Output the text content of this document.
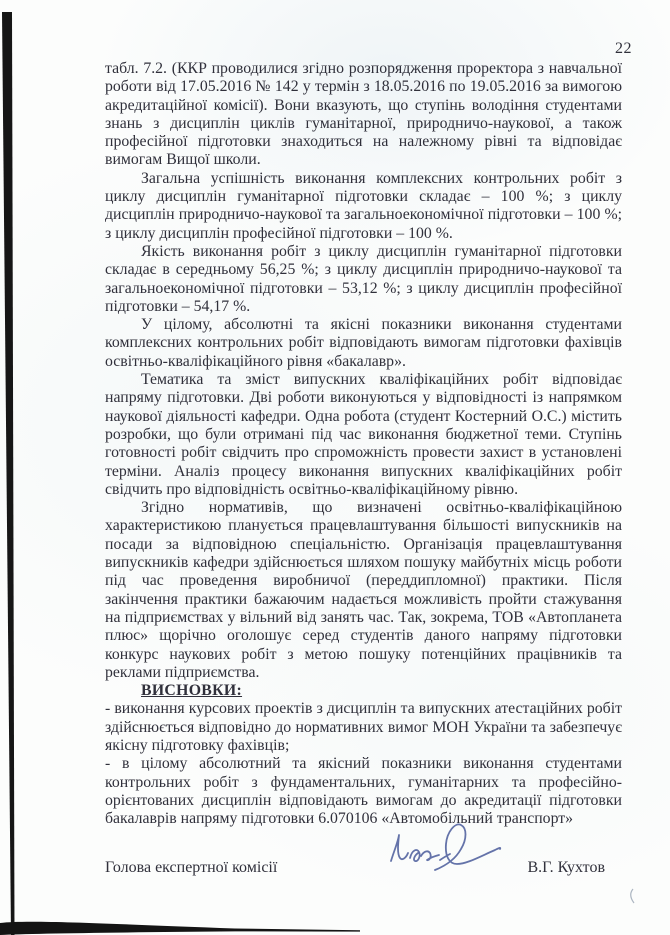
22

табл. 7.2. (ККР проводилися згідно розпорядження проректора з навчальної роботи від 17.05.2016 № 142 у термін з 18.05.2016 по 19.05.2016 за вимогою акредитаційної комісії). Вони вказують, що ступінь володіння студентами знань з дисциплін циклів гуманітарної, природничо-наукової, а також професійної підготовки знаходиться на належному рівні та відповідає вимогам Вищої школи.

Загальна успішність виконання комплексних контрольних робіт з циклу дисциплін гуманітарної підготовки складає – 100 %; з циклу дисциплін природничо-наукової та загальноекономічної підготовки – 100 %; з циклу дисциплін професійної підготовки – 100 %.

Якість виконання робіт з циклу дисциплін гуманітарної підготовки складає в середньому 56,25 %; з циклу дисциплін природничо-наукової та загальноекономічної підготовки – 53,12 %; з циклу дисциплін професійної підготовки – 54,17 %.

У цілому, абсолютні та якісні показники виконання студентами комплексних контрольних робіт відповідають вимогам підготовки фахівців освітньо-кваліфікаційного рівня «бакалавр».

Тематика та зміст випускних кваліфікаційних робіт відповідає напряму підготовки. Дві роботи виконуються у відповідності із напрямком наукової діяльності кафедри. Одна робота (студент Костерний О.С.) містить розробки, що були отримані під час виконання бюджетної теми. Ступінь готовності робіт свідчить про спроможність провести захист в установлені терміни. Аналіз процесу виконання випускних кваліфікаційних робіт свідчить про відповідність освітньо-кваліфікаційному рівню.

Згідно нормативів, що визначені освітньо-кваліфікаційною характеристикою планується працевлаштування більшості випускників на посади за відповідною спеціальністю. Організація працевлаштування випускників кафедри здійснюється шляхом пошуку майбутніх місць роботи під час проведення виробничої (переддипломної) практики. Після закінчення практики бажаючим надається можливість пройти стажування на підприємствах у вільний від занять час. Так, зокрема, ТОВ «Автопланета плюс» щорічно оголошує серед студентів даного напряму підготовки конкурс наукових робіт з метою пошуку потенційних працівників та реклами підприємства.

ВИСНОВКИ:

- виконання курсових проектів з дисциплін та випускних атестаційних робіт здійснюється відповідно до нормативних вимог МОН України та забезпечує якісну підготовку фахівців;

- в цілому абсолютний та якісний показники виконання студентами контрольних робіт з фундаментальних, гуманітарних та професійно-орієнтованих дисциплін відповідають вимогам до акредитації підготовки бакалаврів напряму підготовки 6.070106 «Автомобільний транспорт»

Голова експертної комісії	В.Г. Кухтов
